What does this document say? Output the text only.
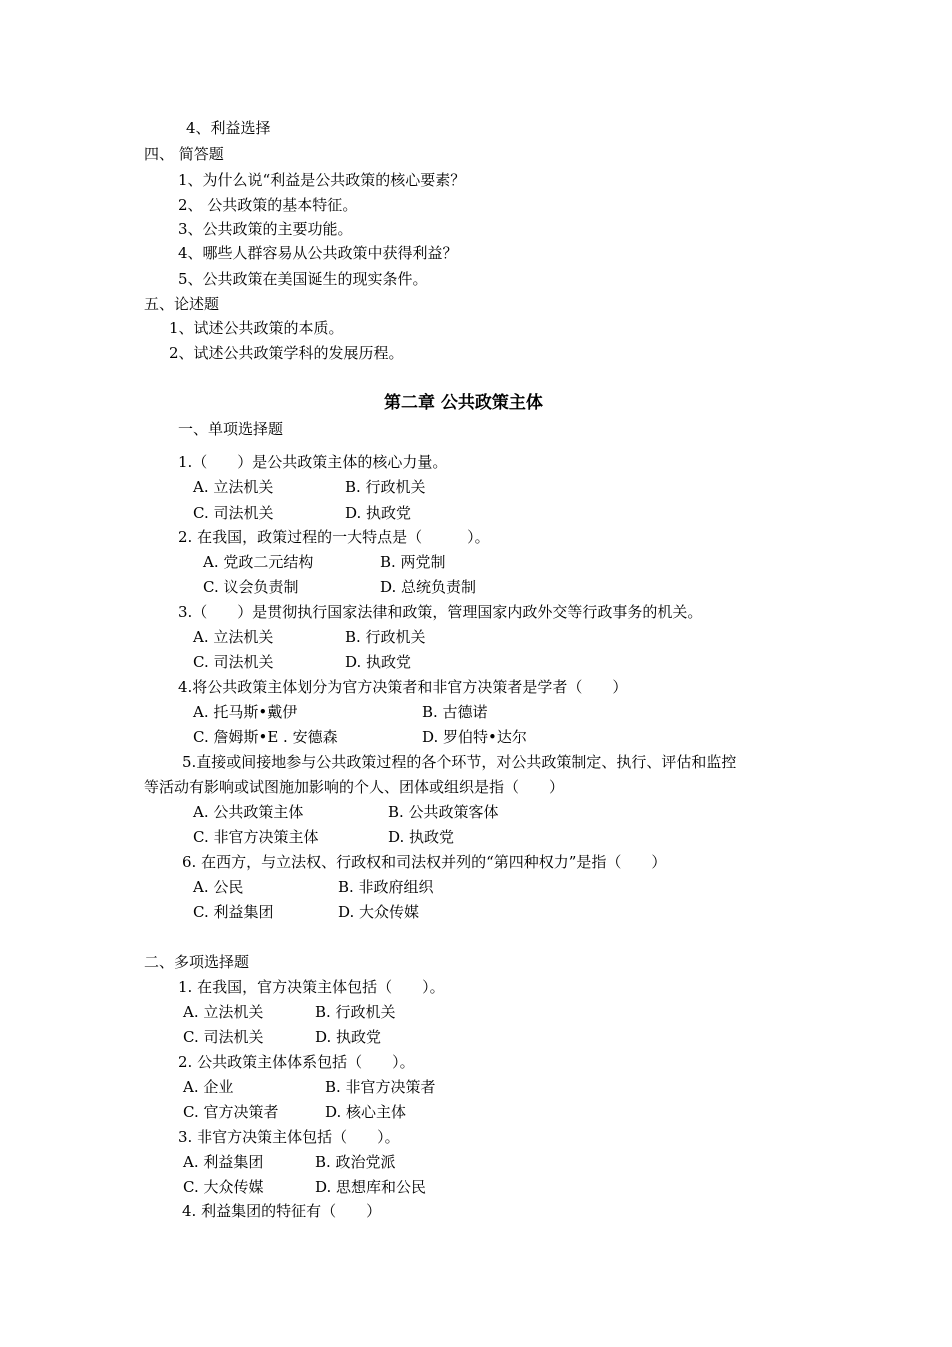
4、利益选择
四、 简答题
1、为什么说“利益是公共政策的核心要素？
2、 公共政策的基本特征。
3、公共政策的主要功能。
4、哪些人群容易从公共政策中获得利益？
5、公共政策在美国诞生的现实条件。
五、论述题
1、试述公共政策的本质。
2、试述公共政策学科的发展历程。
第二章 公共政策主体
一、单项选择题
1.（　　）是公共政策主体的核心力量。
A. 立法机关	B. 行政机关
C. 司法机关	D. 执政党
2. 在我国，政策过程的一大特点是（　　　）。
A. 党政二元结构	B. 两党制
C. 议会负责制	D. 总统负责制
3.（　　）是贯彻执行国家法律和政策，管理国家内政外交等行政事务的机关。
A. 立法机关	B. 行政机关
C. 司法机关	D. 执政党
4.将公共政策主体划分为官方决策者和非官方决策者是学者（　　）
A. 托马斯•戴伊	B. 古德诺
C. 詹姆斯•E . 安德森	D. 罗伯特•达尔
5.直接或间接地参与公共政策过程的各个环节，对公共政策制定、执行、评估和监控
等活动有影响或试图施加影响的个人、团体或组织是指（　　）
A. 公共政策主体	B. 公共政策客体
C. 非官方决策主体	D. 执政党
6. 在西方，与立法权、行政权和司法权并列的“第四种权力”是指（　　）
A. 公民	B. 非政府组织
C. 利益集团	D. 大众传媒
二、多项选择题
1. 在我国，官方决策主体包括（　　）。
A. 立法机关	B. 行政机关
C. 司法机关	D. 执政党
2. 公共政策主体体系包括（　　）。
A. 企业	B. 非官方决策者
C. 官方决策者	D. 核心主体
3. 非官方决策主体包括（　　）。
A. 利益集团	B. 政治党派
C. 大众传媒	D. 思想库和公民
4. 利益集团的特征有（　　）
